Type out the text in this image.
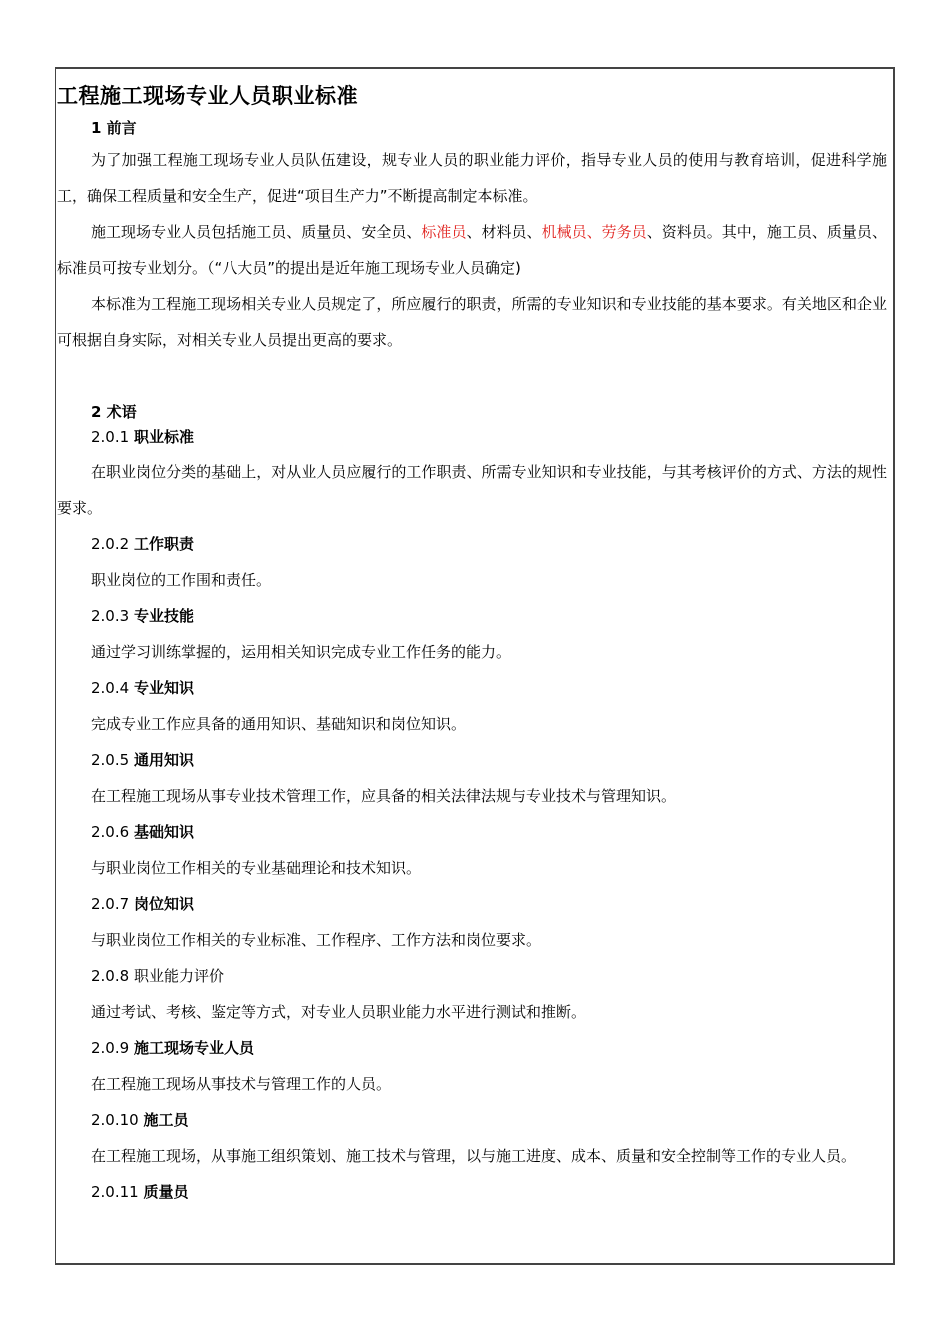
工程施工现场专业人员职业标准

1 前言

为了加强工程施工现场专业人员队伍建设，规专业人员的职业能力评价，指导专业人员的使用与教育培训，促进科学施工，确保工程质量和安全生产，促进“项目生产力”不断提高制定本标准。

施工现场专业人员包括施工员、质量员、安全员、标准员、材料员、机械员、劳务员、资料员。其中，施工员、质量员、标准员可按专业划分。（“八大员”的提出是近年施工现场专业人员确定)

本标准为工程施工现场相关专业人员规定了，所应履行的职责，所需的专业知识和专业技能的基本要求。有关地区和企业可根据自身实际，对相关专业人员提出更高的要求。

2 术语

2.0.1 职业标准

在职业岗位分类的基础上，对从业人员应履行的工作职责、所需专业知识和专业技能，与其考核评价的方式、方法的规性要求。

2.0.2 工作职责

职业岗位的工作围和责任。

2.0.3 专业技能

通过学习训练掌握的，运用相关知识完成专业工作任务的能力。

2.0.4 专业知识

完成专业工作应具备的通用知识、基础知识和岗位知识。

2.0.5 通用知识

在工程施工现场从事专业技术管理工作，应具备的相关法律法规与专业技术与管理知识。

2.0.6 基础知识

与职业岗位工作相关的专业基础理论和技术知识。

2.0.7 岗位知识

与职业岗位工作相关的专业标准、工作程序、工作方法和岗位要求。

2.0.8 职业能力评价

通过考试、考核、鉴定等方式，对专业人员职业能力水平进行测试和推断。

2.0.9 施工现场专业人员

在工程施工现场从事技术与管理工作的人员。

2.0.10 施工员

在工程施工现场，从事施工组织策划、施工技术与管理，以与施工进度、成本、质量和安全控制等工作的专业人员。

2.0.11 质量员
